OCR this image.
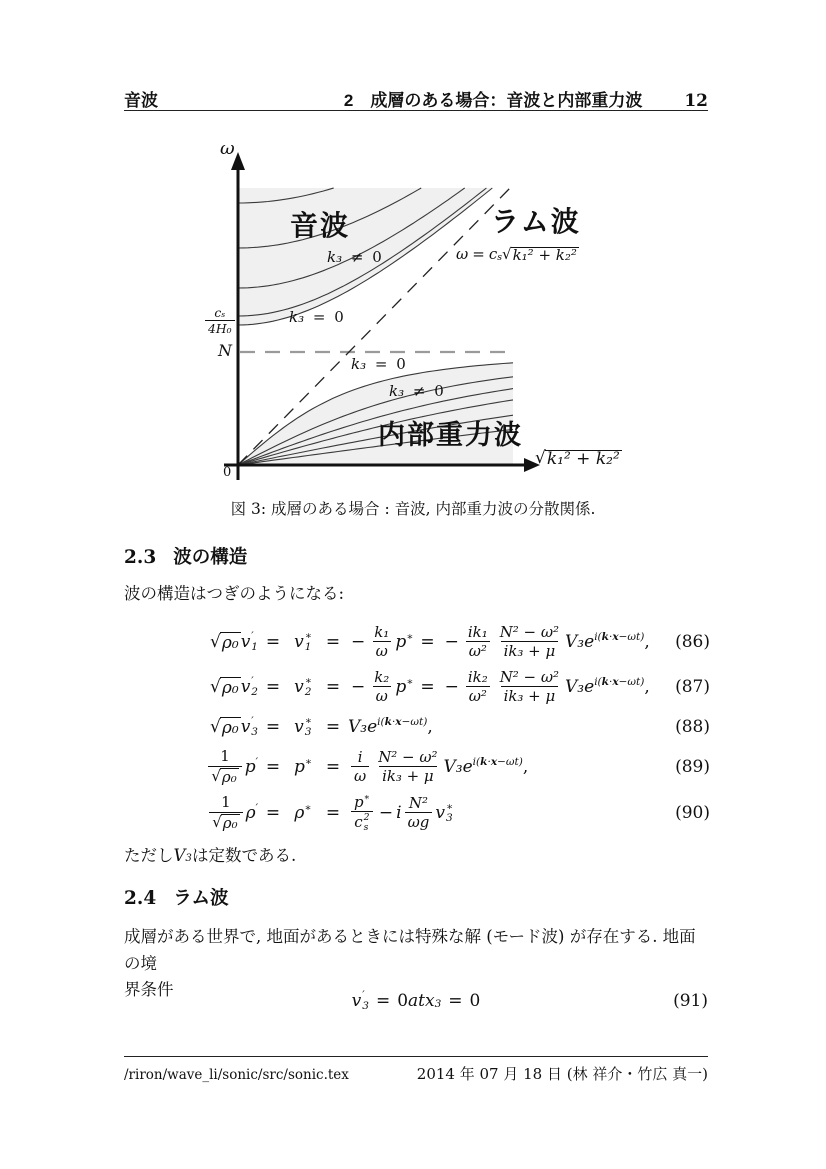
音波	2　成層のある場合：音波と内部重力波 12
ω
音波	ラム波
k₃ ≠ 0	ω = c s √ k₁² + k₂²
k₃ = 0
$\frac{\text{c s}}{\text{4H₀}}$
N
k₃ = 0
k₃ ≠ 0
内部重力波
0
√ k₁² + k₂²
図 3: 成層のある場合 : 音波, 内部重力波の分散関係.
2.3 波の構造
波の構造はつぎのようになる:
√ ρ₀ v ′
1 = v ∗
1 = − $\frac{\text{k₁}}{\omega}$ p ∗ = − $\frac{\text{ik₁}}{\text{ω²}} \frac{\text{N² − ω²}}{\text{ik₃ + μ}} V_3$ e i(k·x−ωt) , (86)
√ ρ₀ v ′
2 = v ∗
2 = − $\frac{\text{k₂}}{\omega}$ p ∗ = − $\frac{\text{ik₂}}{\text{ω²}} \frac{\text{N² − ω²}}{\text{ik₃ + μ}} V_3$ e i(k·x−ωt) , (87)
√ ρ₀ v ′
3 = v ∗
3 = V₃ e i(k·x−ωt) ,	(88)
$\frac{1}{\text{√ ρ₀}}$ p ′ = p ∗ = $\frac{i}{\omega} \frac{\text{N² − ω²}}{\text{ik₃ + μ}} V_3$ e i(k·x−ωt) ,	(89)
$\frac{1}{\text{√ ρ₀}}$ ρ ′ = ρ ∗ = p ∗
c 2
s − i $\frac{\text{N²}}{\omega g}$ v ∗
3	(90)
ただし V 3 は定数である.
2.4 ラム波
成層がある世界で, 地面があるときには特殊な解 (モード波) が存在する. 地面の境
界条件
v ′
3 = 0 at x 3 = 0	(91)
/riron/wave_li/sonic/src/sonic.tex	2014 年 07 月 18 日 (林 祥介・竹広 真一)
